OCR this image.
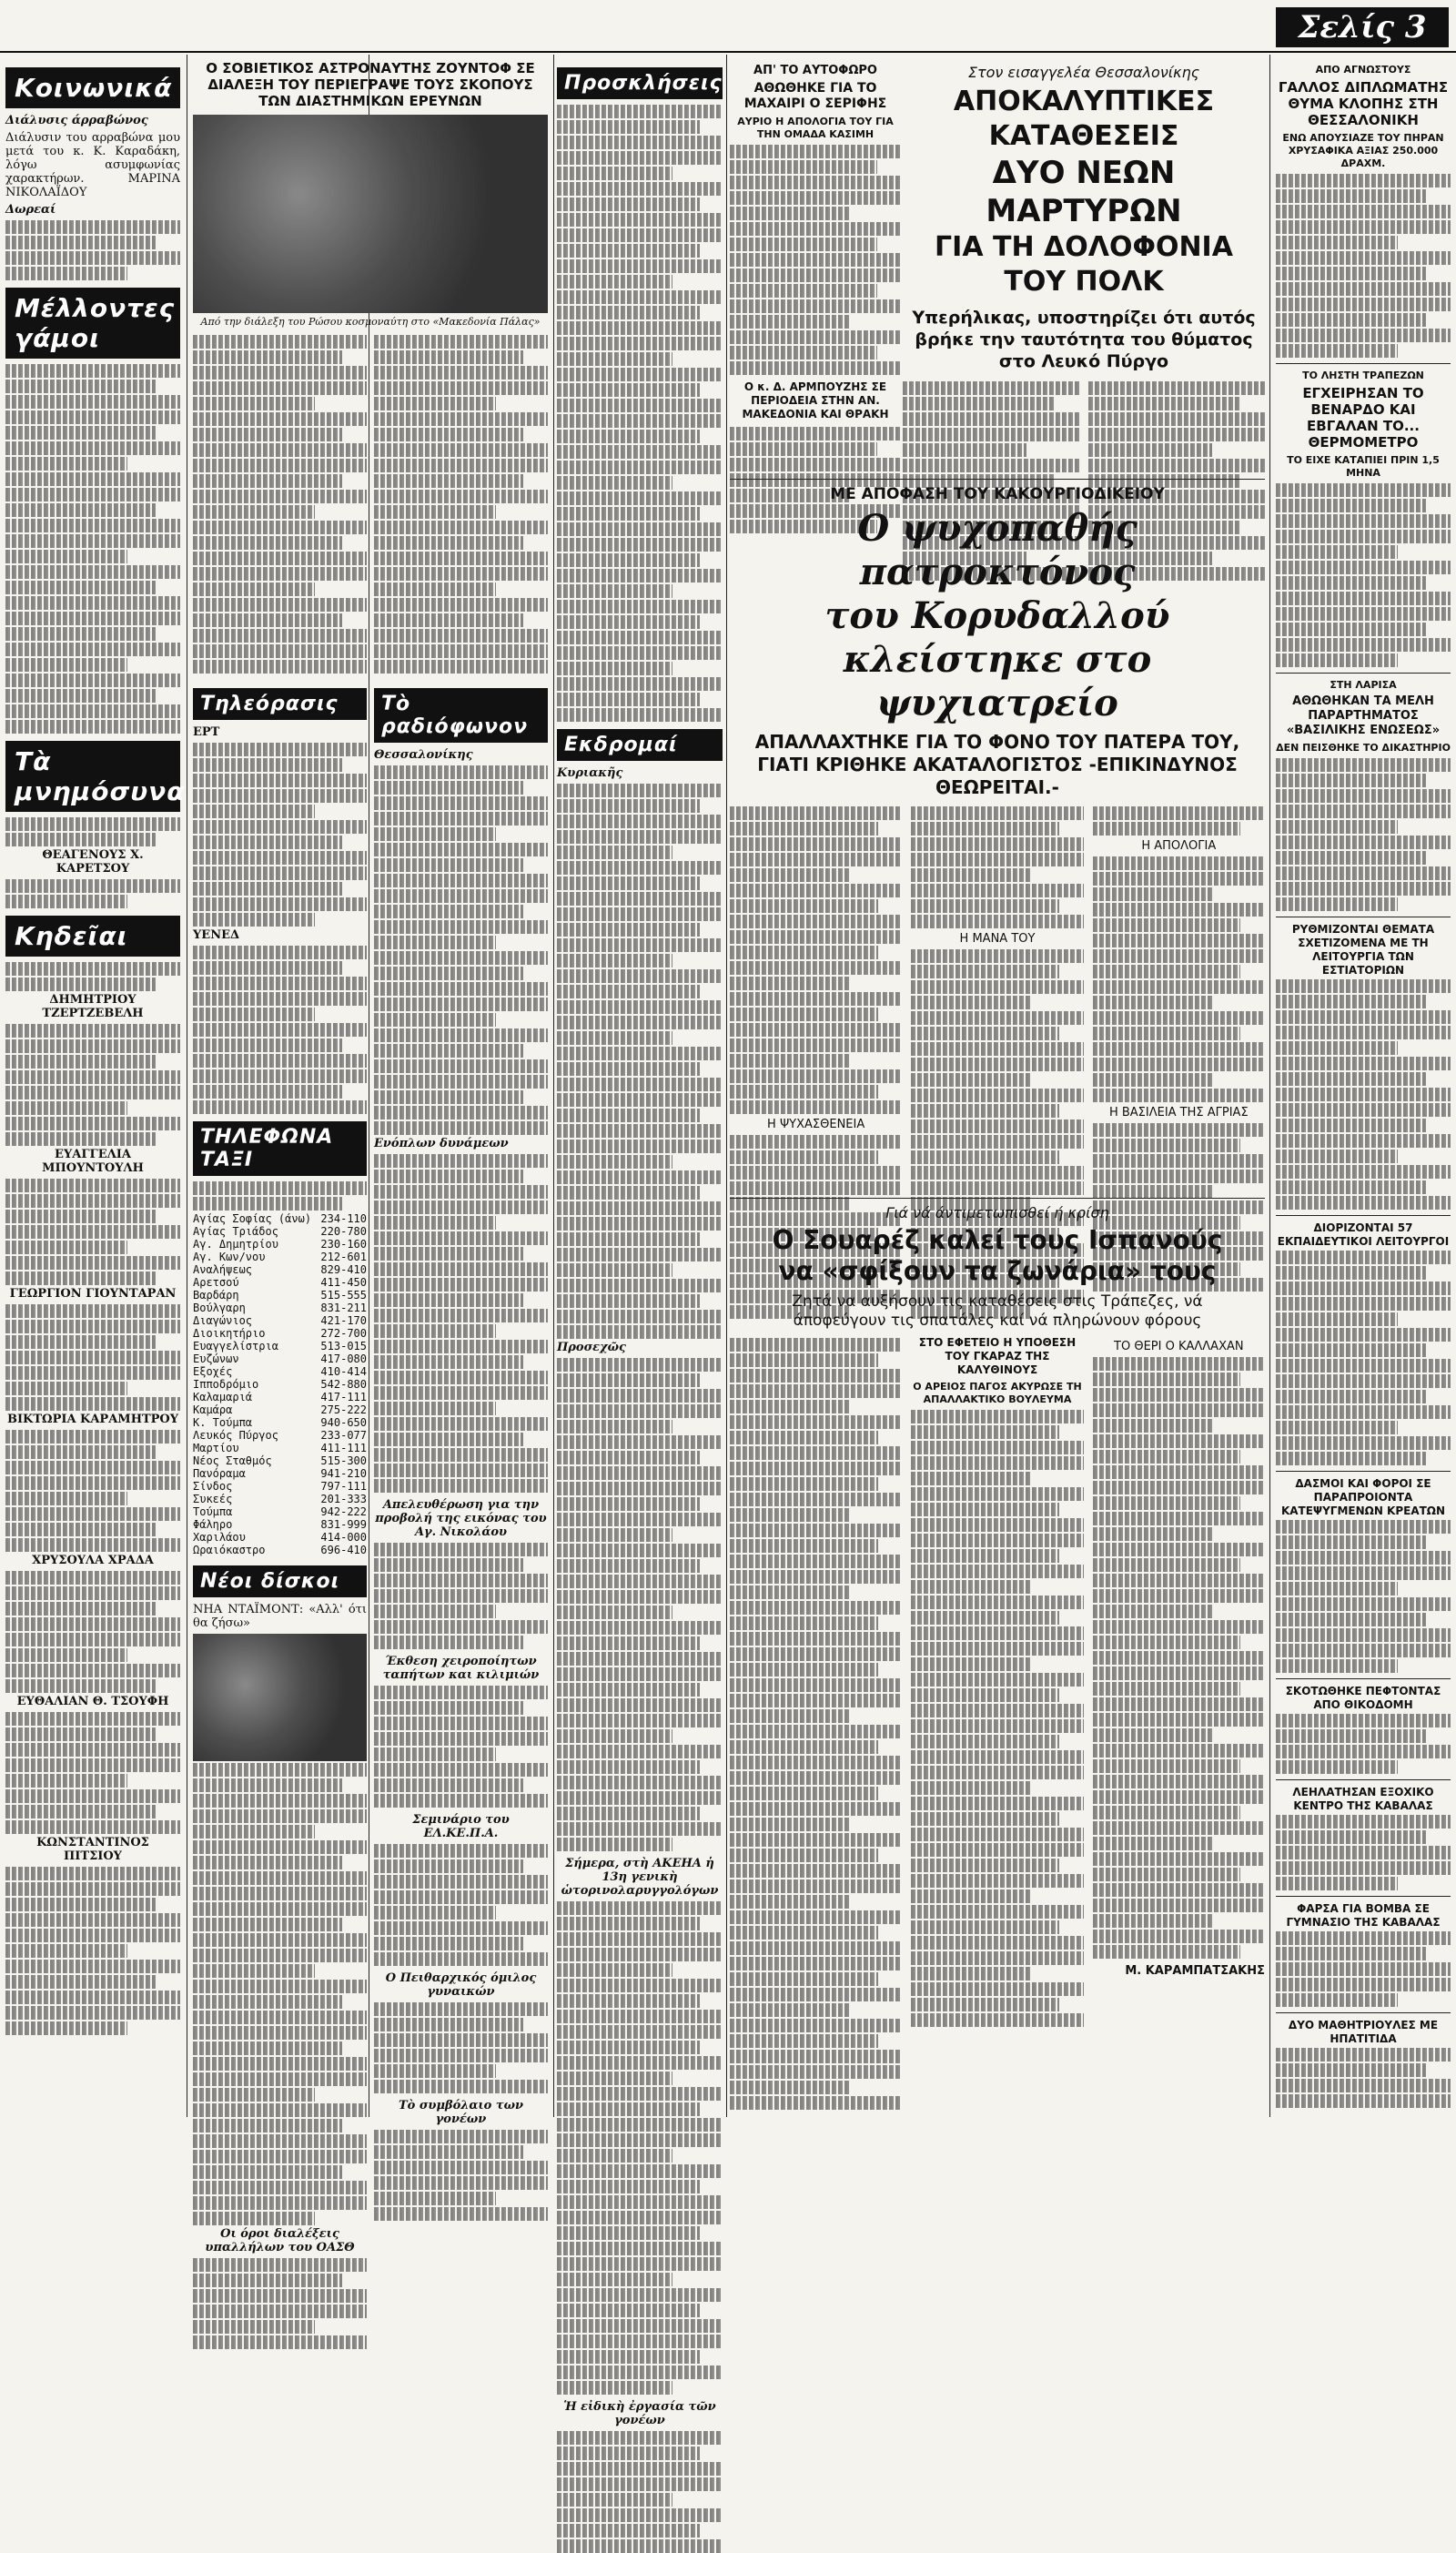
Κοινωνικά
Διάλυσις άρραβώνος
Διάλυσιν του αρραβώνα μου μετά του κ. Κ. Καραδάκη, λόγω ασυμφωνίας χαρακτήρων. ΜΑΡΙΝΑ ΝΙΚΟΛΑΪΔΟΥ
Δωρεαί
Μέλλοντες γάμοι
Τὰ μνημόσυνα
ΘΕΑΓΕΝΟΥΣ Χ. ΚΑΡΕΤΣΟΥ
Κηδεῖαι
ΔΗΜΗΤΡΙΟΥ ΤΖΕΡΤΖΕΒΕΛΗ
ΕΥΑΓΓΕΛΙΑ ΜΠΟΥΝΤΟΥΛΗ
ΓΕΩΡΓΙΟΝ ΓΙΟΥΝΤΑΡΑΝ
ΒΙΚΤΩΡΙΑ ΚΑΡΑΜΗΤΡΟΥ
ΧΡΥΣΟΥΛΑ ΧΡΑΔΑ
ΕΥΘΑΛΙΑΝ Θ. ΤΣΟΥΦΗ
ΚΩΝΣΤΑΝΤΙΝΟΣ ΠΙΤΣΙΟΥ
Ο ΣΟΒΙΕΤΙΚΟΣ ΑΣΤΡΟΝΑΥΤΗΣ ΖΟΥΝΤΟΦ ΣΕ ΔΙΑΛΕΞΗ ΤΟΥ ΠΕΡΙΕΓΡΑΨΕ ΤΟΥΣ ΣΚΟΠΟΥΣ ΤΩΝ ΔΙΑΣΤΗΜΙΚΩΝ ΕΡΕΥΝΩΝ
Από την διάλεξη του Ρώσου κοσμοναύτη στο «Μακεδονία Πάλας»
Τηλεόρασις
ΕΡΤ
ΥΕΝΕΔ
ΤΗΛΕΦΩΝΑ ΤΑΞΙ
Αγίας Σοφίας (άνω) 234-110
Αγίας Τριάδος	220-780
Αγ. Δημητρίου	230-160
Αγ. Κων/νου	212-601
Αναλήψεως	829-410
Αρετσού	411-450
Βαρδάρη	515-555
Βούλγαρη	831-211
Διαγώνιος	421-170
Διοικητήριο	272-700
Ευαγγελίστρια	513-015
Ευζώνων	417-080
Εξοχές	410-414
Ιπποδρόμιο	542-880
Καλαμαριά	417-111
Καμάρα	275-222
Κ. Τούμπα	940-650
Λευκός Πύργος	233-077
Μαρτίου	411-111
Νέος Σταθμός	515-300
Πανόραμα	941-210
Σίνδος	797-111
Συκεές	201-333
Τούμπα	942-222
Φάληρο	831-999
Χαριλάου	414-000
Ωραιόκαστρο	696-410
Νέοι δίσκοι
ΝΗΑ ΝΤΑΪΜΟΝΤ: «Αλλ' ότι θα ζήσω»
Οι όροι διαλέξεις υπαλλήλων του ΟΑΣΘ
Τὸ ραδιόφωνον
Θεσσαλονίκης
Ενόπλων δυνάμεων
Απελευθέρωση για την προβολή της εικόνας του Αγ. Νικολάου
Έκθεση χειροποίητων ταπήτων και κιλιμιών
Σεμινάριο του ΕΛ.ΚΕ.Π.Α.
Ο Πειθαρχικός όμιλος γυναικών
Τὸ συμβόλαιο των γονέων
Προσκλήσεις
Εκδρομαί
Κυριακῆς
Προσεχῶς
Σήμερα, στὴ ΑΚΕΗΑ ἡ 13η γενικὴ ὡτορινολαρυγγολόγων
Ἡ εἰδικὴ ἐργασία τῶν γονέων
ΑΠ' ΤΟ ΑΥΤΟΦΩΡΟ
ΑΘΩΘΗΚΕ ΓΙΑ ΤΟ ΜΑΧΑΙΡΙ Ο ΣΕΡΙΦΗΣ
ΑΥΡΙΟ Η ΑΠΟΛΟΓΙΑ ΤΟΥ ΓΙΑ ΤΗΝ ΟΜΑΔΑ ΚΑΣΙΜΗ
Ο κ. Δ. ΑΡΜΠΟΥΖΗΣ ΣΕ ΠΕΡΙΟΔΕΙΑ ΣΤΗΝ ΑΝ. ΜΑΚΕΔΟΝΙΑ ΚΑΙ ΘΡΑΚΗ
Στον εισαγγελέα Θεσσαλονίκης
ΑΠΟΚΑΛΥΠΤΙΚΕΣ ΚΑΤΑΘΕΣΕΙΣ
ΔΥΟ ΝΕΩΝ ΜΑΡΤΥΡΩΝ
ΓΙΑ ΤΗ ΔΟΛΟΦΟΝΙΑ ΤΟΥ ΠΟΛΚ
Υπερήλικας, υποστηρίζει ότι αυτός βρήκε την ταυτότητα του θύματος στο Λευκό Πύργο
ΜΕ ΑΠΟΦΑΣΗ ΤΟΥ ΚΑΚΟΥΡΓΙΟΔΙΚΕΙΟΥ
Ο ψυχοπαθής πατροκτόνος
του Κορυδαλλού
κλείστηκε στο ψυχιατρείο
ΑΠΑΛΛΑΧΤΗΚΕ ΓΙΑ ΤΟ ΦΟΝΟ ΤΟΥ ΠΑΤΕΡΑ ΤΟΥ, ΓΙΑΤΙ ΚΡΙΘΗΚΕ ΑΚΑΤΑΛΟΓΙΣΤΟΣ -ΕΠΙΚΙΝΔΥΝΟΣ ΘΕΩΡΕΙΤΑΙ.-
Η ΨΥΧΑΣΘΕΝΕΙΑ
Η ΜΑΝΑ ΤΟΥ
Η ΑΠΟΛΟΓΙΑ
Η ΒΑΣΙΛΕΙΑ ΤΗΣ ΑΓΡΙΑΣ
Γιά νά άντιμετωπισθεί ή κρίση
Ο Σουαρέζ καλεί τους Ισπανούς
να «σφίξουν τα ζωνάρια» τους
Ζητά να αυξήσουν τις καταθέσεις στις Τράπεζες, νά άποφεύγουν τις σπατάλες καί νά πληρώνουν φόρους
ΣΤΟ ΕΦΕΤΕΙΟ Η ΥΠΟΘΕΣΗ ΤΟΥ ΓΚΑΡΑΖ ΤΗΣ ΚΑΛΥΘΙΝΟΥΣ
Ο ΑΡΕΙΟΣ ΠΑΓΟΣ ΑΚΥΡΩΣΕ ΤΗ ΑΠΑΛΛΑΚΤΙΚΟ ΒΟΥΛΕΥΜΑ
ΤΟ ΘΕΡΙ Ο ΚΑΛΛΑΧΑΝ
Μ. ΚΑΡΑΜΠΑΤΣΑΚΗΣ
Σελίς 3
ΑΠΟ ΑΓΝΩΣΤΟΥΣ
ΓΑΛΛΟΣ ΔΙΠΛΩΜΑΤΗΣ ΘΥΜΑ ΚΛΟΠΗΣ ΣΤΗ ΘΕΣΣΑΛΟΝΙΚΗ
ΕΝΩ ΑΠΟΥΣΙΑΖΕ ΤΟΥ ΠΗΡΑΝ ΧΡΥΣΑΦΙΚΑ ΑΞΙΑΣ 250.000 ΔΡΑΧΜ.
ΤΟ ΛΗΣΤΗ ΤΡΑΠΕΖΩΝ
ΕΓΧΕΙΡΗΣΑΝ ΤΟ ΒΕΝΑΡΔΟ ΚΑΙ ΕΒΓΑΛΑΝ ΤΟ... ΘΕΡΜΟΜΕΤΡΟ
ΤΟ ΕΙΧΕ ΚΑΤΑΠΙΕΙ ΠΡΙΝ 1,5 ΜΗΝΑ
ΣΤΗ ΛΑΡΙΣΑ
ΑΘΩΘΗΚΑΝ ΤΑ ΜΕΛΗ ΠΑΡΑΡΤΗΜΑΤΟΣ «ΒΑΣΙΛΙΚΗΣ ΕΝΩΣΕΩΣ»
ΔΕΝ ΠΕΙΣΘΗΚΕ ΤΟ ΔΙΚΑΣΤΗΡΙΟ
ΡΥΘΜΙΖΟΝΤΑΙ ΘΕΜΑΤΑ ΣΧΕΤΙΖΟΜΕΝΑ ΜΕ ΤΗ ΛΕΙΤΟΥΡΓΙΑ ΤΩΝ ΕΣΤΙΑΤΟΡΙΩΝ
ΔΙΟΡΙΖΟΝΤΑΙ 57 ΕΚΠΑΙΔΕΥΤΙΚΟΙ ΛΕΙΤΟΥΡΓΟΙ
ΔΑΣΜΟΙ ΚΑΙ ΦΟΡΟΙ ΣΕ ΠΑΡΑΠΡΟΙΟΝΤΑ ΚΑΤΕΨΥΓΜΕΝΩΝ ΚΡΕΑΤΩΝ
ΣΚΟΤΩΘΗΚΕ ΠΕΦΤΟΝΤΑΣ ΑΠΟ ΘΙΚΟΔΟΜΗ
ΛΕΗΛΑΤΗΣΑΝ ΕΞΟΧΙΚΟ ΚΕΝΤΡΟ ΤΗΣ ΚΑΒΑΛΑΣ
ΦΑΡΣΑ ΓΙΑ ΒΟΜΒΑ ΣΕ ΓΥΜΝΑΣΙΟ ΤΗΣ ΚΑΒΑΛΑΣ
ΔΥΟ ΜΑΘΗΤΡΙΟΥΛΕΣ ΜΕ ΗΠΑΤΙΤΙΔΑ
